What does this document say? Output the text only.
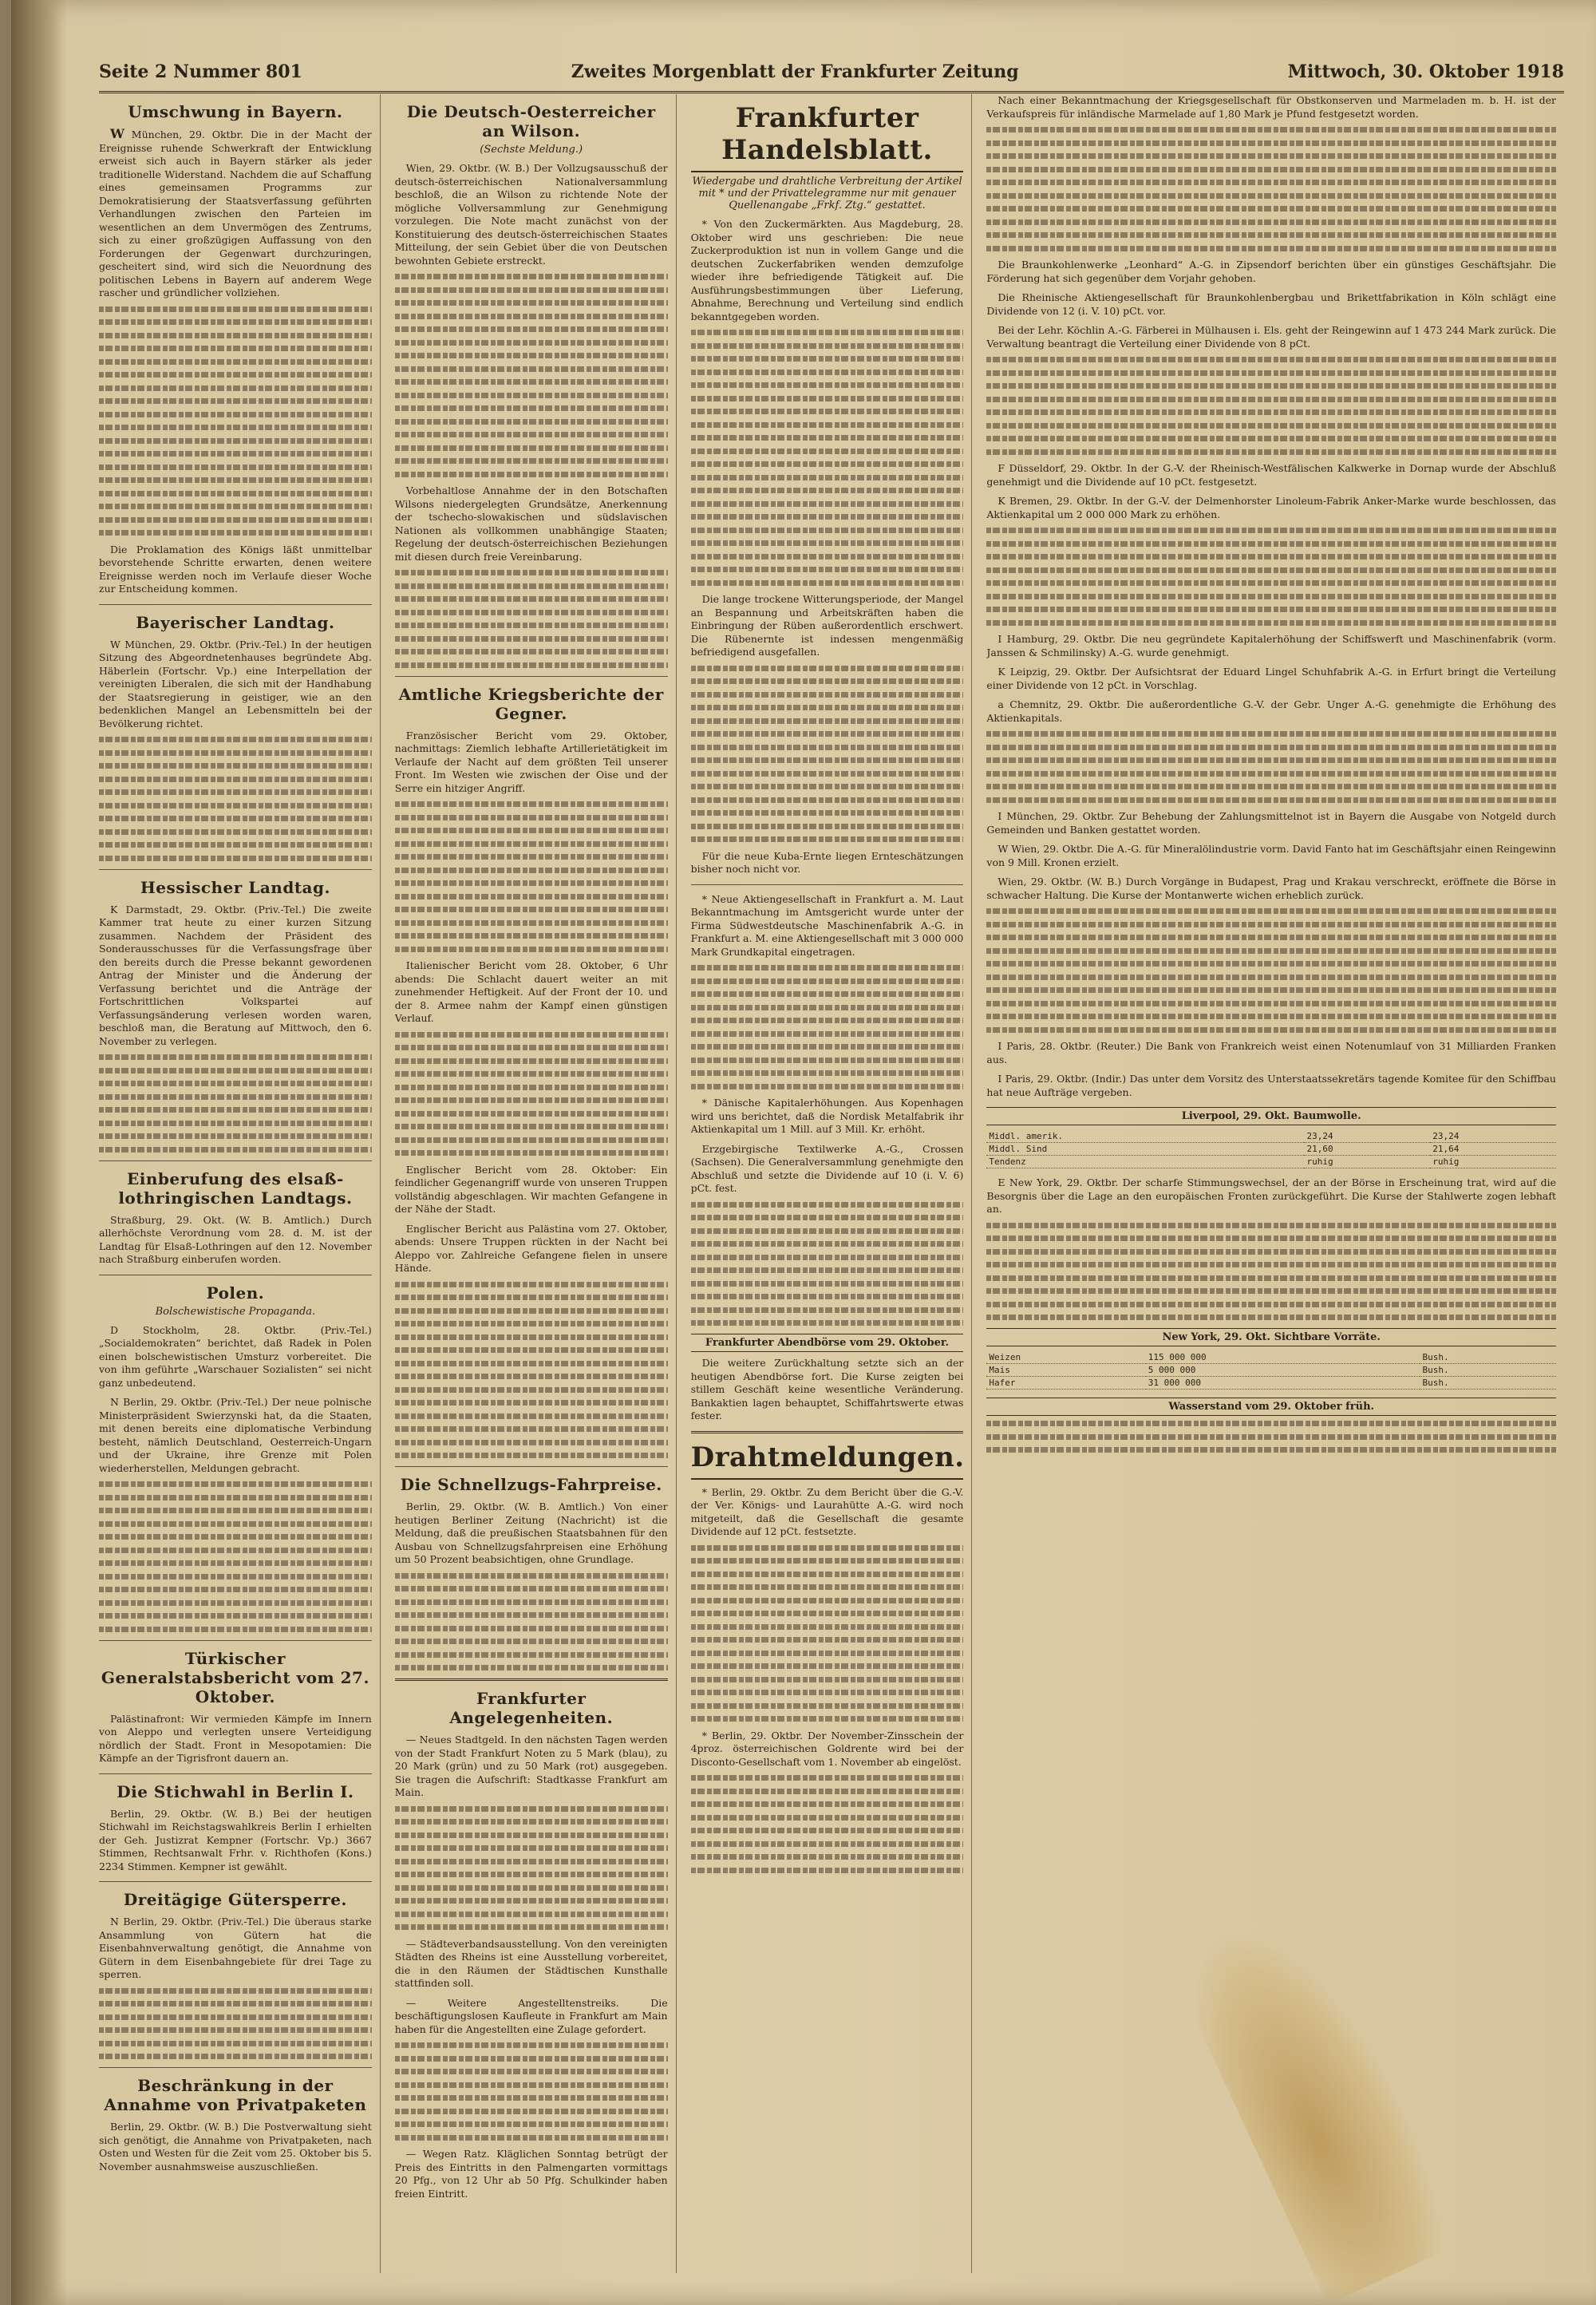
Seite 2 Nummer 801	Zweites Morgenblatt der Frankfurter Zeitung	Mittwoch, 30. Oktober 1918
Umschwung in Bayern.

W München, 29. Oktbr. Die in der Macht der Ereignisse ruhende Schwerkraft der Entwicklung erweist sich auch in Bayern stärker als jeder traditionelle Widerstand. Nachdem die auf Schaffung eines gemeinsamen Programms zur Demokratisierung der Staatsverfassung geführten Verhandlungen zwischen den Parteien im wesentlichen an dem Unvermögen des Zentrums, sich zu einer großzügigen Auffassung von den Forderungen der Gegenwart durchzuringen, gescheitert sind, wird sich die Neuordnung des politischen Lebens in Bayern auf anderem Wege rascher und gründlicher vollziehen.

Die Proklamation des Königs läßt unmittelbar bevorstehende Schritte erwarten, denen weitere Ereignisse werden noch im Verlaufe dieser Woche zur Entscheidung kommen.

Bayerischer Landtag.

W München, 29. Oktbr. (Priv.-Tel.) In der heutigen Sitzung des Abgeordnetenhauses begründete Abg. Häberlein (Fortschr. Vp.) eine Interpellation der vereinigten Liberalen, die sich mit der Handhabung der Staatsregierung in geistiger, wie an den bedenklichen Mangel an Lebensmitteln bei der Bevölkerung richtet.

Hessischer Landtag.

K Darmstadt, 29. Oktbr. (Priv.-Tel.) Die zweite Kammer trat heute zu einer kurzen Sitzung zusammen. Nachdem der Präsident des Sonderausschusses für die Verfassungsfrage über den bereits durch die Presse bekannt gewordenen Antrag der Minister und die Änderung der Verfassung berichtet und die Anträge der Fortschrittlichen Volkspartei auf Verfassungsänderung verlesen worden waren, beschloß man, die Beratung auf Mittwoch, den 6. November zu verlegen.

Einberufung des elsaß-lothringischen Landtags.

Straßburg, 29. Okt. (W. B. Amtlich.) Durch allerhöchste Verordnung vom 28. d. M. ist der Landtag für Elsaß-Lothringen auf den 12. November nach Straßburg einberufen worden.

Polen.
Bolschewistische Propaganda.

D Stockholm, 28. Oktbr. (Priv.-Tel.) „Socialdemokraten“ berichtet, daß Radek in Polen einen bolschewistischen Umsturz vorbereitet. Die von ihm geführte „Warschauer Sozialisten“ sei nicht ganz unbedeutend.

N Berlin, 29. Oktbr. (Priv.-Tel.) Der neue polnische Ministerpräsident Swierzynski hat, da die Staaten, mit denen bereits eine diplomatische Verbindung besteht, nämlich Deutschland, Oesterreich-Ungarn und der Ukraine, ihre Grenze mit Polen wiederherstellen, Meldungen gebracht.

Türkischer Generalstabsbericht vom 27. Oktober.

Palästinafront: Wir vermieden Kämpfe im Innern von Aleppo und verlegten unsere Verteidigung nördlich der Stadt. Front in Mesopotamien: Die Kämpfe an der Tigrisfront dauern an.

Die Stichwahl in Berlin I.

Berlin, 29. Oktbr. (W. B.) Bei der heutigen Stichwahl im Reichstagswahlkreis Berlin I erhielten der Geh. Justizrat Kempner (Fortschr. Vp.) 3667 Stimmen, Rechtsanwalt Frhr. v. Richthofen (Kons.) 2234 Stimmen. Kempner ist gewählt.

Dreitägige Gütersperre.

N Berlin, 29. Oktbr. (Priv.-Tel.) Die überaus starke Ansammlung von Gütern hat die Eisenbahnverwaltung genötigt, die Annahme von Gütern in dem Eisenbahngebiete für drei Tage zu sperren.

Beschränkung in der Annahme von Privatpaketen

Berlin, 29. Oktbr. (W. B.) Die Postverwaltung sieht sich genötigt, die Annahme von Privatpaketen, nach Osten und Westen für die Zeit vom 25. Oktober bis 5. November ausnahmsweise auszuschließen.

Die Deutsch-Oesterreicher an Wilson.
(Sechste Meldung.)

Wien, 29. Oktbr. (W. B.) Der Vollzugsausschuß der deutsch-österreichischen Nationalversammlung beschloß, die an Wilson zu richtende Note der mögliche Vollversammlung zur Genehmigung vorzulegen. Die Note macht zunächst von der Konstituierung des deutsch-österreichischen Staates Mitteilung, der sein Gebiet über die von Deutschen bewohnten Gebiete erstreckt.

Vorbehaltlose Annahme der in den Botschaften Wilsons niedergelegten Grundsätze, Anerkennung der tschecho-slowakischen und südslavischen Nationen als vollkommen unabhängige Staaten; Regelung der deutsch-österreichischen Beziehungen mit diesen durch freie Vereinbarung.

Amtliche Kriegsberichte der Gegner.

Französischer Bericht vom 29. Oktober, nachmittags: Ziemlich lebhafte Artillerietätigkeit im Verlaufe der Nacht auf dem größten Teil unserer Front. Im Westen wie zwischen der Oise und der Serre ein hitziger Angriff.

Italienischer Bericht vom 28. Oktober, 6 Uhr abends: Die Schlacht dauert weiter an mit zunehmender Heftigkeit. Auf der Front der 10. und der 8. Armee nahm der Kampf einen günstigen Verlauf.

Englischer Bericht vom 28. Oktober: Ein feindlicher Gegenangriff wurde von unseren Truppen vollständig abgeschlagen. Wir machten Gefangene in der Nähe der Stadt.

Englischer Bericht aus Palästina vom 27. Oktober, abends: Unsere Truppen rückten in der Nacht bei Aleppo vor. Zahlreiche Gefangene fielen in unsere Hände.

Die Schnellzugs-Fahrpreise.

Berlin, 29. Oktbr. (W. B. Amtlich.) Von einer heutigen Berliner Zeitung (Nachricht) ist die Meldung, daß die preußischen Staatsbahnen für den Ausbau von Schnellzugsfahrpreisen eine Erhöhung um 50 Prozent beabsichtigen, ohne Grundlage.

Frankfurter Angelegenheiten.

— Neues Stadtgeld. In den nächsten Tagen werden von der Stadt Frankfurt Noten zu 5 Mark (blau), zu 20 Mark (grün) und zu 50 Mark (rot) ausgegeben. Sie tragen die Aufschrift: Stadtkasse Frankfurt am Main.

— Städteverbandsausstellung. Von den vereinigten Städten des Rheins ist eine Ausstellung vorbereitet, die in den Räumen der Städtischen Kunsthalle stattfinden soll.

— Weitere Angestelltenstreiks. Die beschäftigungslosen Kaufleute in Frankfurt am Main haben für die Angestellten eine Zulage gefordert.

— Wegen Ratz. Kläglichen Sonntag betrügt der Preis des Eintritts in den Palmengarten vormittags 20 Pfg., von 12 Uhr ab 50 Pfg. Schulkinder haben freien Eintritt.

Frankfurter Handelsblatt.
Wiedergabe und drahtliche Verbreitung der Artikel mit * und der Privattelegramme nur mit genauer Quellenangabe „Frkf. Ztg.“ gestattet.

* Von den Zuckermärkten. Aus Magdeburg, 28. Oktober wird uns geschrieben: Die neue Zuckerproduktion ist nun in vollem Gange und die deutschen Zuckerfabriken wenden demzufolge wieder ihre befriedigende Tätigkeit auf. Die Ausführungsbestimmungen über Lieferung, Abnahme, Berechnung und Verteilung sind endlich bekanntgegeben worden.

Die lange trockene Witterungsperiode, der Mangel an Bespannung und Arbeitskräften haben die Einbringung der Rüben außerordentlich erschwert. Die Rübenernte ist indessen mengenmäßig befriedigend ausgefallen.

Für die neue Kuba-Ernte liegen Ernteschätzungen bisher noch nicht vor.

* Neue Aktiengesellschaft in Frankfurt a. M. Laut Bekanntmachung im Amtsgericht wurde unter der Firma Südwestdeutsche Maschinenfabrik A.-G. in Frankfurt a. M. eine Aktiengesellschaft mit 3 000 000 Mark Grundkapital eingetragen.

* Dänische Kapitalerhöhungen. Aus Kopenhagen wird uns berichtet, daß die Nordisk Metalfabrik ihr Aktienkapital um 1 Mill. auf 3 Mill. Kr. erhöht.

Erzgebirgische Textilwerke A.-G., Crossen (Sachsen). Die Generalversammlung genehmigte den Abschluß und setzte die Dividende auf 10 (i. V. 6) pCt. fest.

Frankfurter Abendbörse vom 29. Oktober.

Die weitere Zurückhaltung setzte sich an der heutigen Abendbörse fort. Die Kurse zeigten bei stillem Geschäft keine wesentliche Veränderung. Bankaktien lagen behauptet, Schiffahrtswerte etwas fester.

Drahtmeldungen.

* Berlin, 29. Oktbr. Zu dem Bericht über die G.-V. der Ver. Königs- und Laurahütte A.-G. wird noch mitgeteilt, daß die Gesellschaft die gesamte Dividende auf 12 pCt. festsetzte.

* Berlin, 29. Oktbr. Der November-Zinsschein der 4proz. österreichischen Goldrente wird bei der Disconto-Gesellschaft vom 1. November ab eingelöst.

Nach einer Bekanntmachung der Kriegsgesellschaft für Obstkonserven und Marmeladen m. b. H. ist der Verkaufspreis für inländische Marmelade auf 1,80 Mark je Pfund festgesetzt worden.

Die Braunkohlenwerke „Leonhard“ A.-G. in Zipsendorf berichten über ein günstiges Geschäftsjahr. Die Förderung hat sich gegenüber dem Vorjahr gehoben.

Die Rheinische Aktiengesellschaft für Braunkohlenbergbau und Brikettfabrikation in Köln schlägt eine Dividende von 12 (i. V. 10) pCt. vor.

Bei der Lehr. Köchlin A.-G. Färberei in Mülhausen i. Els. geht der Reingewinn auf 1 473 244 Mark zurück. Die Verwaltung beantragt die Verteilung einer Dividende von 8 pCt.

F Düsseldorf, 29. Oktbr. In der G.-V. der Rheinisch-Westfälischen Kalkwerke in Dornap wurde der Abschluß genehmigt und die Dividende auf 10 pCt. festgesetzt.

K Bremen, 29. Oktbr. In der G.-V. der Delmenhorster Linoleum-Fabrik Anker-Marke wurde beschlossen, das Aktienkapital um 2 000 000 Mark zu erhöhen.

I Hamburg, 29. Oktbr. Die neu gegründete Kapitalerhöhung der Schiffswerft und Maschinenfabrik (vorm. Janssen & Schmilinsky) A.-G. wurde genehmigt.

K Leipzig, 29. Oktbr. Der Aufsichtsrat der Eduard Lingel Schuhfabrik A.-G. in Erfurt bringt die Verteilung einer Dividende von 12 pCt. in Vorschlag.

a Chemnitz, 29. Oktbr. Die außerordentliche G.-V. der Gebr. Unger A.-G. genehmigte die Erhöhung des Aktienkapitals.

I München, 29. Oktbr. Zur Behebung der Zahlungsmittelnot ist in Bayern die Ausgabe von Notgeld durch Gemeinden und Banken gestattet worden.

W Wien, 29. Oktbr. Die A.-G. für Mineralölindustrie vorm. David Fanto hat im Geschäftsjahr einen Reingewinn von 9 Mill. Kronen erzielt.

Wien, 29. Oktbr. (W. B.) Durch Vorgänge in Budapest, Prag und Krakau verschreckt, eröffnete die Börse in schwacher Haltung. Die Kurse der Montanwerte wichen erheblich zurück.

I Paris, 28. Oktbr. (Reuter.) Die Bank von Frankreich weist einen Notenumlauf von 31 Milliarden Franken aus.

I Paris, 29. Oktbr. (Indir.) Das unter dem Vorsitz des Unterstaatssekretärs tagende Komitee für den Schiffbau hat neue Aufträge vergeben.

Liverpool, 29. Okt. Baumwolle.
Middl. amerik.	23,24	23,24
Middl. Sind	21,60	21,64
Tendenz	ruhig	ruhig

E New York, 29. Oktbr. Der scharfe Stimmungswechsel, der an der Börse in Erscheinung trat, wird auf die Besorgnis über die Lage an den europäischen Fronten zurückgeführt. Die Kurse der Stahlwerte zogen lebhaft an.

New York, 29. Okt. Sichtbare Vorräte.
Weizen	115 000 000	Bush.
Mais	5 000 000	Bush.
Hafer	31 000 000	Bush.
Wasserstand vom 29. Oktober früh.
